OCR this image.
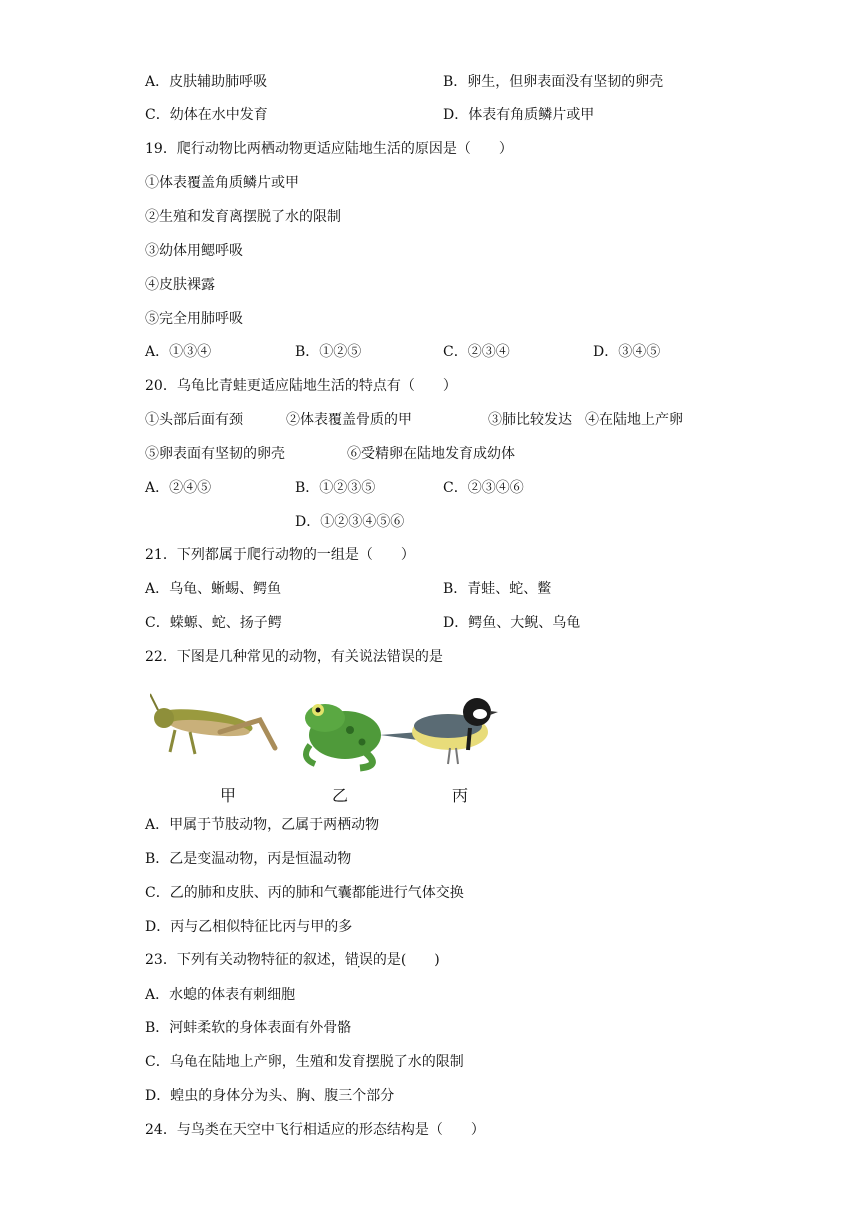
A．皮肤辅助肺呼吸	B．卵生，但卵表面没有坚韧的卵壳
C．幼体在水中发育	D．体表有角质鳞片或甲
19．爬行动物比两栖动物更适应陆地生活的原因是（　　）
①体表覆盖角质鳞片或甲
②生殖和发育离摆脱了水的限制
③幼体用鳃呼吸
④皮肤裸露
⑤完全用肺呼吸
A．①③④	B．①②⑤	C．②③④	D．③④⑤
20．乌龟比青蛙更适应陆地生活的特点有（　　）
①头部后面有颈	②体表覆盖骨质的甲	③肺比较发达 ④在陆地上产卵
⑤卵表面有坚韧的卵壳	⑥受精卵在陆地发育成幼体
A．②④⑤	B．①②③⑤	C．②③④⑥
D．①②③④⑤⑥
21．下列都属于爬行动物的一组是（　　）
A．乌龟、蜥蜴、鳄鱼	B．青蛙、蛇、鳖
C．蝾螈、蛇、扬子鳄	D．鳄鱼、大鲵、乌龟
22．下图是几种常见的动物，有关说法错误的是
甲	乙	丙
A．甲属于节肢动物，乙属于两栖动物
B．乙是变温动物，丙是恒温动物
C．乙的肺和皮肤、丙的肺和气囊都能进行气体交换
D．丙与乙相似特征比丙与甲的多
23．下列有关动物特征的叙述，错误的是(　　)
A．水螅的体表有刺细胞
B．河蚌柔软的身体表面有外骨骼
C．乌龟在陆地上产卵，生殖和发育摆脱了水的限制
D．蝗虫的身体分为头、胸、腹三个部分
24．与鸟类在天空中飞行相适应的形态结构是（　　）
